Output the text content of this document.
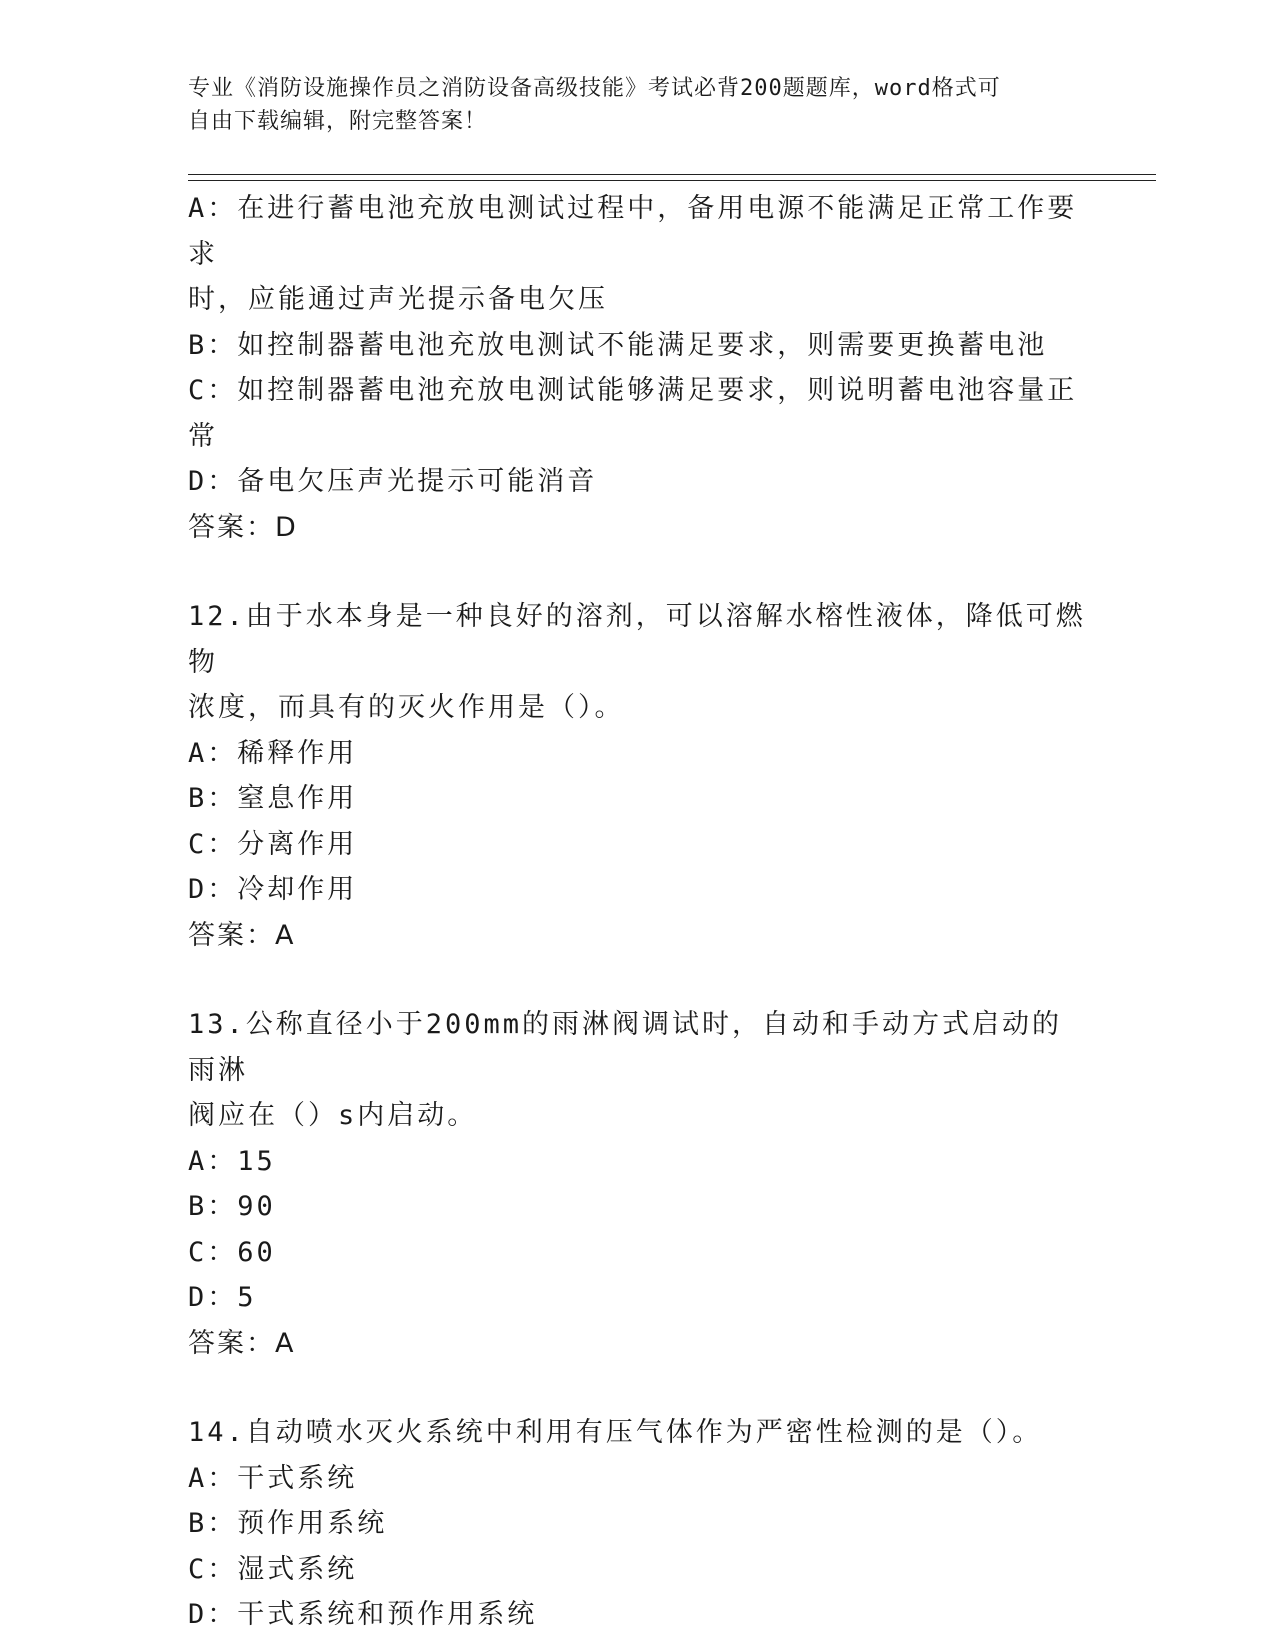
专业《消防设施操作员之消防设备高级技能》考试必背200题题库，word格式可
自由下载编辑，附完整答案！

A：在进行蓄电池充放电测试过程中，备用电源不能满足正常工作要求

时，应能通过声光提示备电欠压

B：如控制器蓄电池充放电测试不能满足要求，则需要更换蓄电池

C：如控制器蓄电池充放电测试能够满足要求，则说明蓄电池容量正常

D：备电欠压声光提示可能消音

答案：D

12.由于水本身是一种良好的溶剂，可以溶解水榕性液体，降低可燃物

浓度，而具有的灭火作用是（）。

A：稀释作用

B：窒息作用

C：分离作用

D：冷却作用

答案：A

13.公称直径小于200mm的雨淋阀调试时，自动和手动方式启动的雨淋

阀应在（）s内启动。

A：15

B：90

C：60

D：5

答案：A

14.自动喷水灭火系统中利用有压气体作为严密性检测的是（）。

A：干式系统

B：预作用系统

C：湿式系统

D：干式系统和预作用系统
